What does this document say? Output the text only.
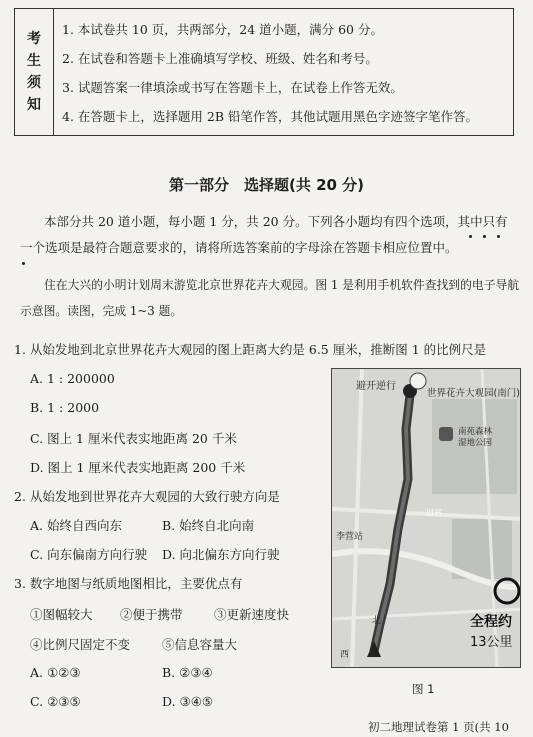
考
生
须
知
1. 本试卷共 10 页，共两部分，24 道小题，满分 60 分。
2. 在试卷和答题卡上准确填写学校、班级、姓名和考号。
3. 试题答案一律填涂或书写在答题卡上，在试卷上作答无效。
4. 在答题卡上，选择题用 2B 铅笔作答，其他试题用黑色字迹签字笔作答。
第一部分　选择题(共 20 分)
本部分共 20 道小题，每小题 1 分，共 20 分。下列各小题均有四个选项，其中只有一个选项是最符合题意要求的，请将所选答案前的字母涂在答题卡相应位置中。
住在大兴的小明计划周末游览北京世界花卉大观园。图 1 是利用手机软件查找到的电子导航示意图。读图，完成 1~3 题。
1. 从始发地到北京世界花卉大观园的图上距离大约是 6.5 厘米，推断图 1 的比例尺是
A. 1 : 200000
B. 1 : 2000
C. 图上 1 厘米代表实地距离 20 千米
D. 图上 1 厘米代表实地距离 200 千米
2. 从始发地到世界花卉大观园的大致行驶方向是
A. 始终自西向东	B. 始终自北向南
C. 向东偏南方向行驶 D. 向北偏东方向行驶
3. 数字地图与纸质地图相比，主要优点有
①图幅较大 ②便于携带	③更新速度快
④比例尺固定不变	⑤信息容量大
A. ①②③	B. ②③④
C. ②③⑤	D. ③④⑤
避开逆行
世界花卉大观园(南门)
南苑森林
湿地公园
旧宫
李营站
北
西
全程约
13公里
图 1
初二地理试卷第 1 页(共 10
